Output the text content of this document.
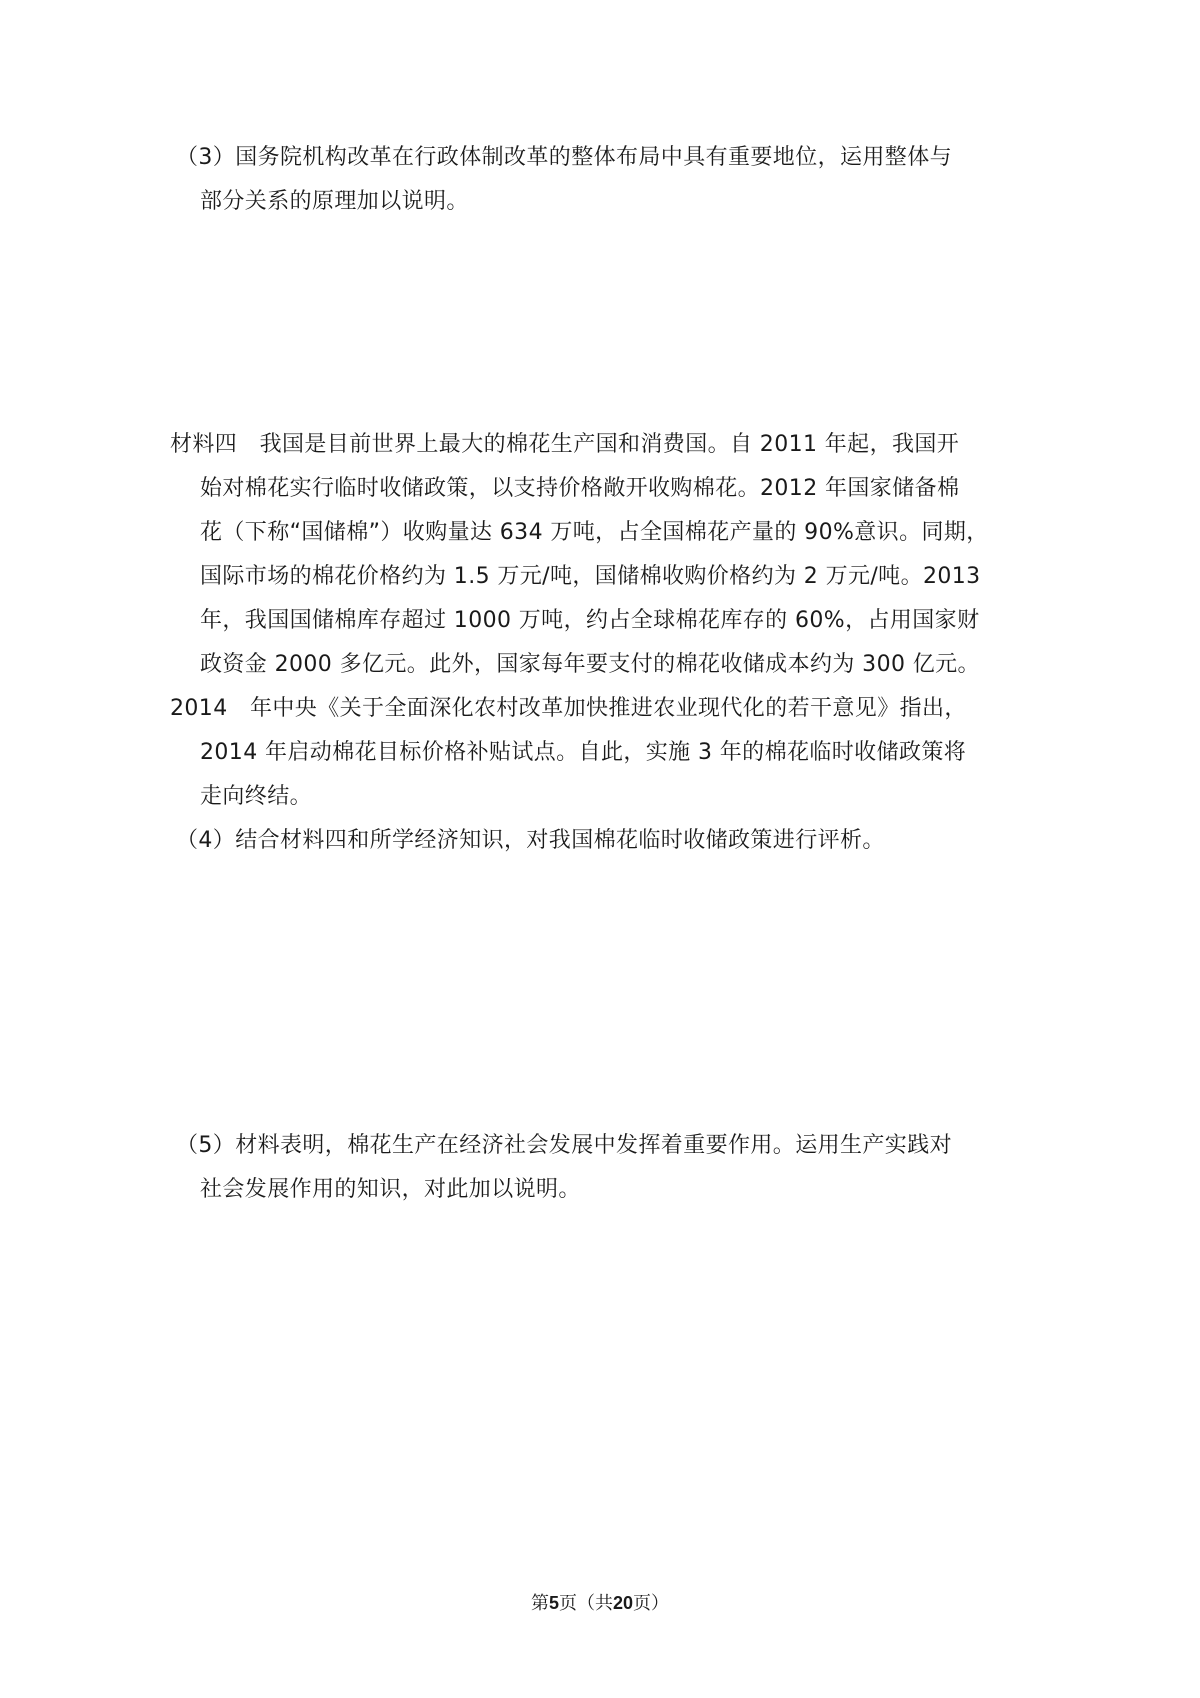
（3）国务院机构改革在行政体制改革的整体布局中具有重要地位，运用整体与
部分关系的原理加以说明。
材料四　我国是目前世界上最大的棉花生产国和消费国。自 2011 年起，我国开
始对棉花实行临时收储政策，以支持价格敞开收购棉花。2012 年国家储备棉
花（下称“国储棉”）收购量达 634 万吨，占全国棉花产量的 90%意识。同期，
国际市场的棉花价格约为 1.5 万元/吨，国储棉收购价格约为 2 万元/吨。2013
年，我国国储棉库存超过 1000 万吨，约占全球棉花库存的 60%，占用国家财
政资金 2000 多亿元。此外，国家每年要支付的棉花收储成本约为 300 亿元。
2014　年中央《关于全面深化农村改革加快推进农业现代化的若干意见》指出，
2014 年启动棉花目标价格补贴试点。自此，实施 3 年的棉花临时收储政策将
走向终结。
（4）结合材料四和所学经济知识，对我国棉花临时收储政策进行评析。
（5）材料表明，棉花生产在经济社会发展中发挥着重要作用。运用生产实践对
社会发展作用的知识，对此加以说明。
第5页（共20页）
